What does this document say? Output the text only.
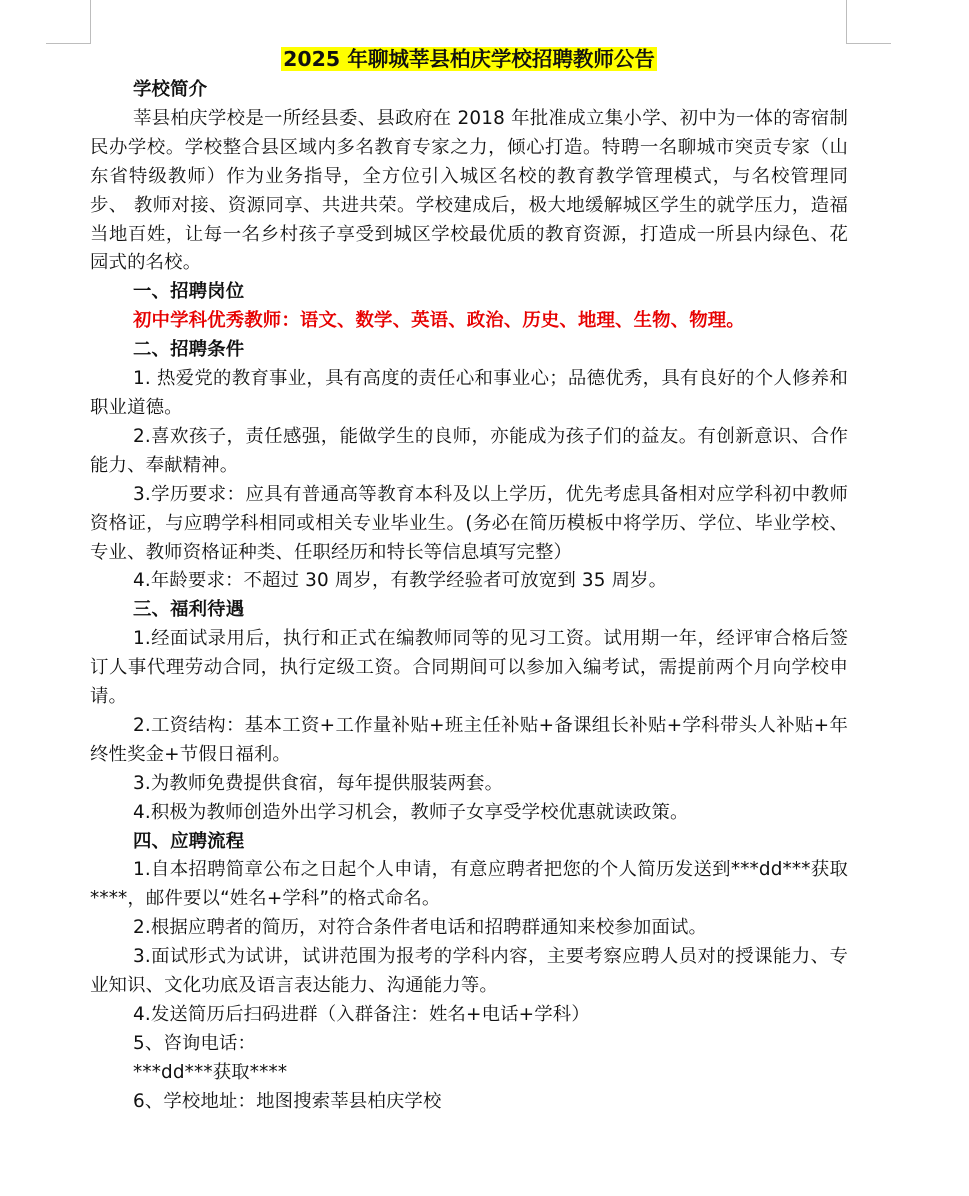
2025 年聊城莘县柏庆学校招聘教师公告

学校简介

莘县柏庆学校是一所经县委、县政府在 2018 年批准成立集小学、初中为一体的寄宿制民办学校。学校整合县区域内多名教育专家之力，倾心打造。特聘一名聊城市突贡专家（山东省特级教师）作为业务指导，全方位引入城区名校的教育教学管理模式，与名校管理同步、 教师对接、资源同享、共进共荣。学校建成后，极大地缓解城区学生的就学压力，造福当地百姓，让每一名乡村孩子享受到城区学校最优质的教育资源，打造成一所县内绿色、花园式的名校。

一、招聘岗位

初中学科优秀教师：语文、数学、英语、政治、历史、地理、生物、物理。

二、招聘条件

1. 热爱党的教育事业，具有高度的责任心和事业心；品德优秀，具有良好的个人修养和职业道德。

2.喜欢孩子，责任感强，能做学生的良师，亦能成为孩子们的益友。有创新意识、合作能力、奉献精神。

3.学历要求：应具有普通高等教育本科及以上学历，优先考虑具备相对应学科初中教师资格证，与应聘学科相同或相关专业毕业生。(务必在简历模板中将学历、学位、毕业学校、专业、教师资格证种类、任职经历和特长等信息填写完整）

4.年龄要求：不超过 30 周岁，有教学经验者可放宽到 35 周岁。

三、福利待遇

1.经面试录用后，执行和正式在编教师同等的见习工资。试用期一年，经评审合格后签订人事代理劳动合同，执行定级工资。合同期间可以参加入编考试，需提前两个月向学校申请。

2.工资结构：基本工资+工作量补贴+班主任补贴+备课组长补贴+学科带头人补贴+年终性奖金+节假日福利。

3.为教师免费提供食宿，每年提供服装两套。

4.积极为教师创造外出学习机会，教师子女享受学校优惠就读政策。

四、应聘流程

1.自本招聘简章公布之日起个人申请，有意应聘者把您的个人简历发送到***dd***获取****，邮件要以“姓名+学科”的格式命名。

2.根据应聘者的简历，对符合条件者电话和招聘群通知来校参加面试。

3.面试形式为试讲，试讲范围为报考的学科内容，主要考察应聘人员对的授课能力、专业知识、文化功底及语言表达能力、沟通能力等。

4.发送简历后扫码进群（入群备注：姓名+电话+学科）

5、咨询电话：

***dd***获取****

6、学校地址：地图搜索莘县柏庆学校
